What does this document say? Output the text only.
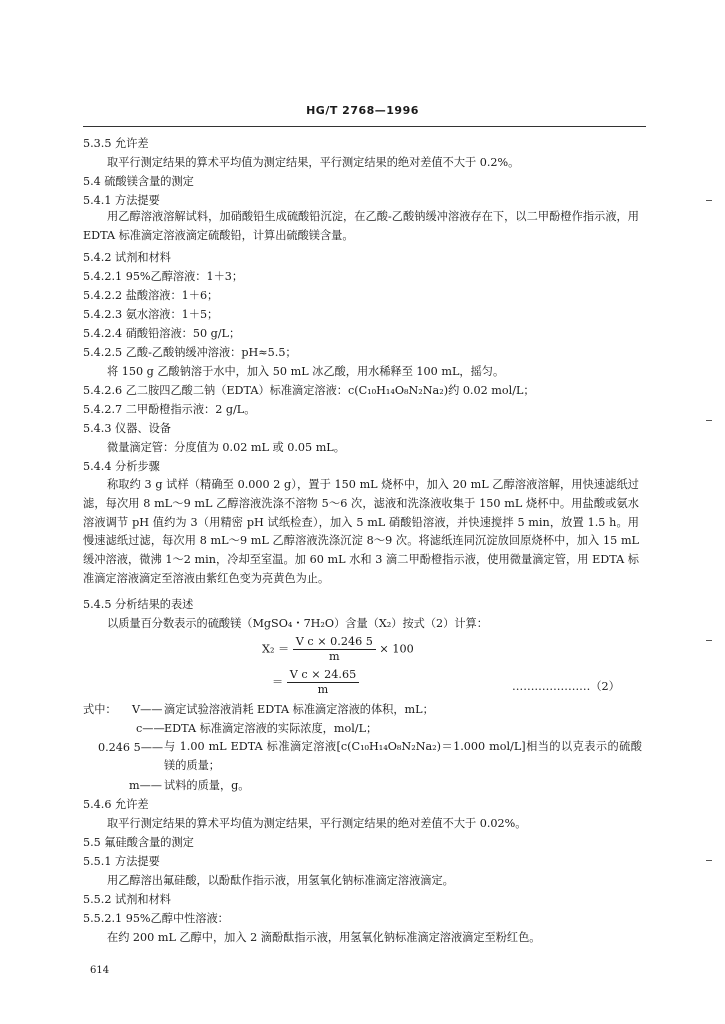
HG/T 2768—1996
5.3.5 允许差
取平行测定结果的算术平均值为测定结果，平行测定结果的绝对差值不大于 0.2%。
5.4 硫酸镁含量的测定
5.4.1 方法提要
用乙醇溶液溶解试料，加硝酸铅生成硫酸铅沉淀，在乙酸-乙酸钠缓冲溶液存在下，以二甲酚橙作指示液，用 EDTA 标准滴定溶液滴定硫酸铅，计算出硫酸镁含量。
5.4.2 试剂和材料
5.4.2.1 95%乙醇溶液：1＋3；
5.4.2.2 盐酸溶液：1＋6；
5.4.2.3 氨水溶液：1＋5；
5.4.2.4 硝酸铅溶液：50 g/L；
5.4.2.5 乙酸-乙酸钠缓冲溶液：pH≈5.5；
将 150 g 乙酸钠溶于水中，加入 50 mL 冰乙酸，用水稀释至 100 mL，摇匀。
5.4.2.6 乙二胺四乙酸二钠（EDTA）标准滴定溶液：c(C₁₀H₁₄O₈N₂Na₂)约 0.02 mol/L；
5.4.2.7 二甲酚橙指示液：2 g/L。
5.4.3 仪器、设备
微量滴定管：分度值为 0.02 mL 或 0.05 mL。
5.4.4 分析步骤
称取约 3 g 试样（精确至 0.000 2 g），置于 150 mL 烧杯中，加入 20 mL 乙醇溶液溶解，用快速滤纸过滤，每次用 8 mL～9 mL 乙醇溶液洗涤不溶物 5～6 次，滤液和洗涤液收集于 150 mL 烧杯中。用盐酸或氨水溶液调节 pH 值约为 3（用精密 pH 试纸检查），加入 5 mL 硝酸铅溶液，并快速搅拌 5 min，放置 1.5 h。用慢速滤纸过滤，每次用 8 mL～9 mL 乙醇溶液洗涤沉淀 8～9 次。将滤纸连同沉淀放回原烧杯中，加入 15 mL 缓冲溶液，微沸 1～2 min，冷却至室温。加 60 mL 水和 3 滴二甲酚橙指示液，使用微量滴定管，用 EDTA 标准滴定溶液滴定至溶液由紫红色变为亮黄色为止。
5.4.5 分析结果的表述
以质量百分数表示的硫酸镁（MgSO₄・7H₂O）含量（X₂）按式（2）计算：
$X_2 = \frac{\text{V c × 0.246 5}}{m} \times 100$
＝ $\frac{\text{V c × 24.65}}{m}$	…………………（2）
式中： V—— 滴定试验溶液消耗 EDTA 标准滴定溶液的体积，mL；
c—— EDTA 标准滴定溶液的实际浓度，mol/L；
0.246 5—— 与 1.00 mL EDTA 标准滴定溶液[c(C₁₀H₁₄O₈N₂Na₂)＝1.000 mol/L]相当的以克表示的硫酸镁的质量；
m—— 试料的质量，g。
5.4.6 允许差
取平行测定结果的算术平均值为测定结果，平行测定结果的绝对差值不大于 0.02%。
5.5 氟硅酸含量的测定
5.5.1 方法提要
用乙醇溶出氟硅酸，以酚酞作指示液，用氢氧化钠标准滴定溶液滴定。
5.5.2 试剂和材料
5.5.2.1 95%乙醇中性溶液：
在约 200 mL 乙醇中，加入 2 滴酚酞指示液，用氢氧化钠标准滴定溶液滴定至粉红色。
614
